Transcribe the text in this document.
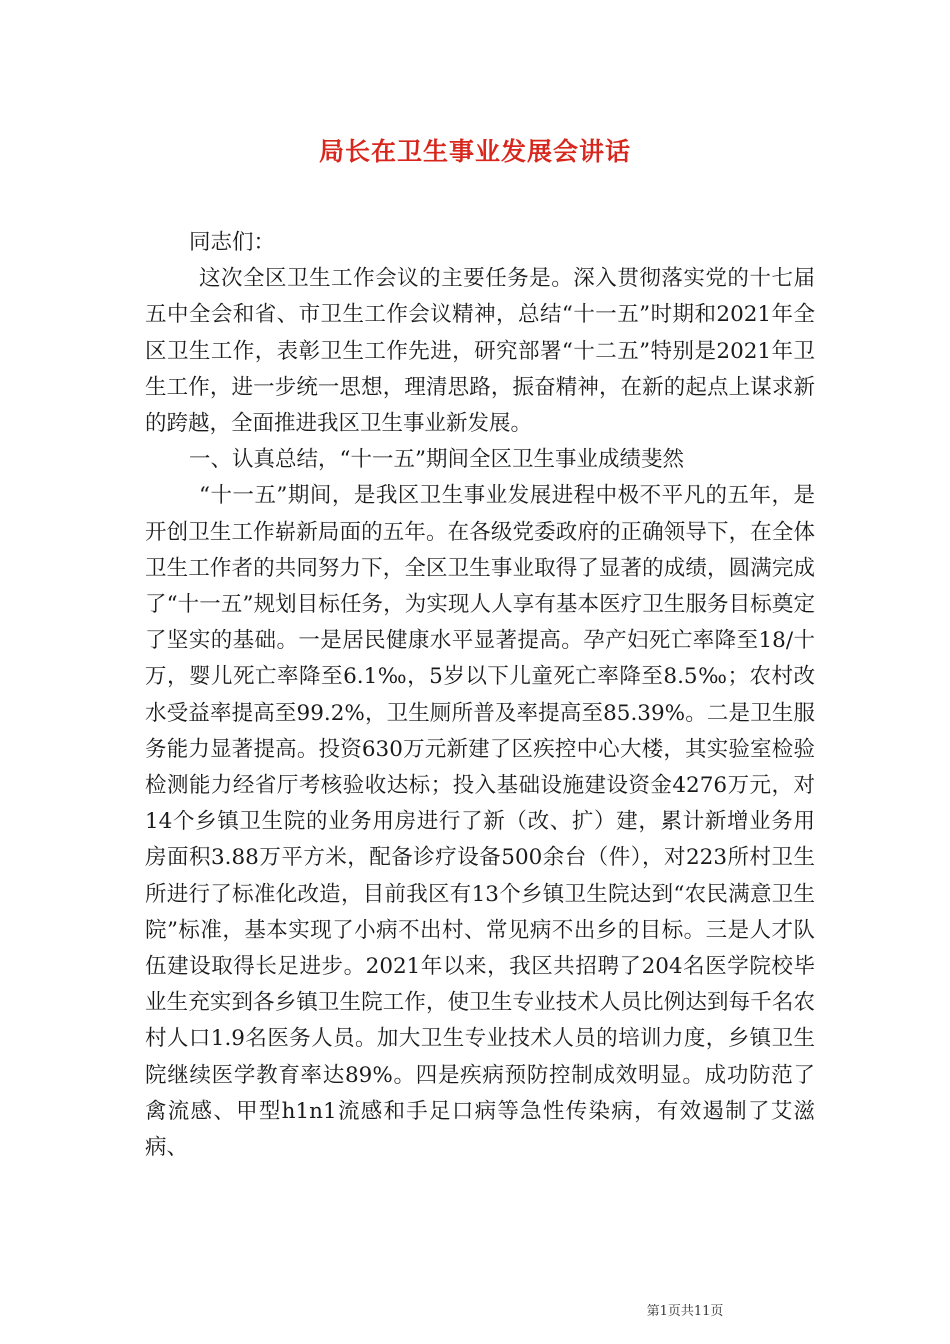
局长在卫生事业发展会讲话

同志们：

这次全区卫生工作会议的主要任务是。深入贯彻落实党的十七届五中全会和省、市卫生工作会议精神，总结“十一五”时期和2021年全区卫生工作，表彰卫生工作先进，研究部署“十二五”特别是2021年卫生工作，进一步统一思想，理清思路，振奋精神，在新的起点上谋求新的跨越，全面推进我区卫生事业新发展。

一、认真总结，“十一五”期间全区卫生事业成绩斐然

“十一五”期间，是我区卫生事业发展进程中极不平凡的五年，是开创卫生工作崭新局面的五年。在各级党委政府的正确领导下，在全体卫生工作者的共同努力下，全区卫生事业取得了显著的成绩，圆满完成了“十一五”规划目标任务，为实现人人享有基本医疗卫生服务目标奠定了坚实的基础。一是居民健康水平显著提高。孕产妇死亡率降至18/十万，婴儿死亡率降至6.1‰，5岁以下儿童死亡率降至8.5‰；农村改水受益率提高至99.2%，卫生厕所普及率提高至85.39%。二是卫生服务能力显著提高。投资630万元新建了区疾控中心大楼，其实验室检验检测能力经省厅考核验收达标；投入基础设施建设资金4276万元，对14个乡镇卫生院的业务用房进行了新（改、扩）建，累计新增业务用房面积3.88万平方米，配备诊疗设备500余台（件），对223所村卫生所进行了标准化改造，目前我区有13个乡镇卫生院达到“农民满意卫生院”标准，基本实现了小病不出村、常见病不出乡的目标。三是人才队伍建设取得长足进步。2021年以来，我区共招聘了204名医学院校毕业生充实到各乡镇卫生院工作，使卫生专业技术人员比例达到每千名农村人口1.9名医务人员。加大卫生专业技术人员的培训力度，乡镇卫生院继续医学教育率达89%。四是疾病预防控制成效明显。成功防范了禽流感、甲型h1n1流感和手足口病等急性传染病，有效遏制了艾滋病、

第1页共11页
